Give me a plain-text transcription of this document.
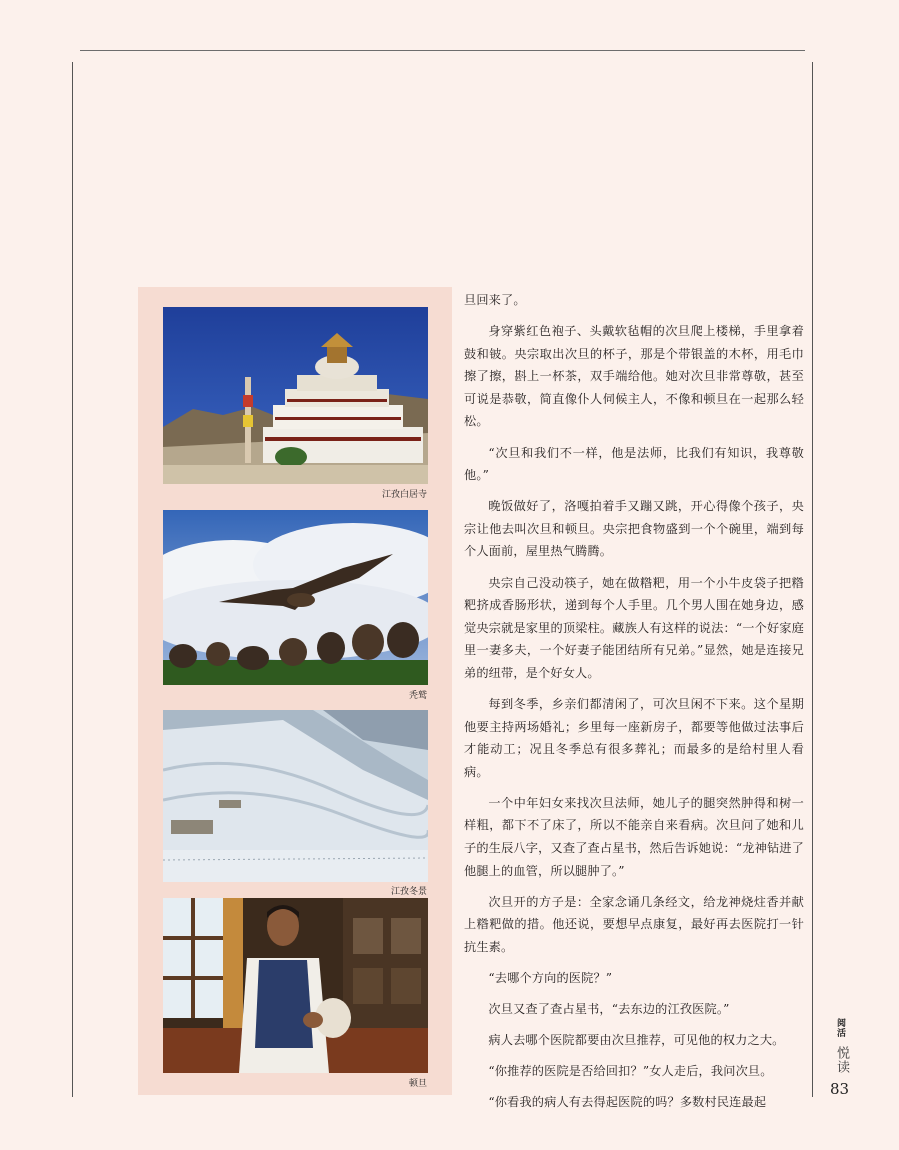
江孜白居寺
秃鹫
江孜冬景
顿旦

旦回来了。

身穿紫红色袍子、头戴软毡帽的次旦爬上楼梯，手里拿着鼓和铍。央宗取出次旦的杯子，那是个带银盖的木杯，用毛巾擦了擦，斟上一杯茶，双手端给他。她对次旦非常尊敬，甚至可说是恭敬，简直像仆人伺候主人，不像和顿旦在一起那么轻松。

“次旦和我们不一样，他是法师，比我们有知识，我尊敬他。”

晚饭做好了，洛嘎拍着手又蹦又跳，开心得像个孩子，央宗让他去叫次旦和顿旦。央宗把食物盛到一个个碗里，端到每个人面前，屋里热气腾腾。

央宗自己没动筷子，她在做糌粑，用一个小牛皮袋子把糌粑挤成香肠形状，递到每个人手里。几个男人围在她身边，感觉央宗就是家里的顶梁柱。藏族人有这样的说法：“一个好家庭里一妻多夫，一个好妻子能团结所有兄弟。”显然，她是连接兄弟的纽带，是个好女人。

每到冬季，乡亲们都清闲了，可次旦闲不下来。这个星期他要主持两场婚礼；乡里每一座新房子，都要等他做过法事后才能动工；况且冬季总有很多葬礼；而最多的是给村里人看病。

一个中年妇女来找次旦法师，她儿子的腿突然肿得和树一样粗，都下不了床了，所以不能亲自来看病。次旦问了她和儿子的生辰八字，又查了查占星书，然后告诉她说：“龙神钻进了他腿上的血管，所以腿肿了。”

次旦开的方子是：全家念诵几条经文，给龙神烧炷香并献上糌粑做的措。他还说，要想早点康复，最好再去医院打一针抗生素。

“去哪个方向的医院？”

次旦又查了查占星书，“去东边的江孜医院。”

病人去哪个医院都要由次旦推荐，可见他的权力之大。

“你推荐的医院是否给回扣？”女人走后，我问次旦。

“你看我的病人有去得起医院的吗？多数村民连最起

阅活
悦读
83
